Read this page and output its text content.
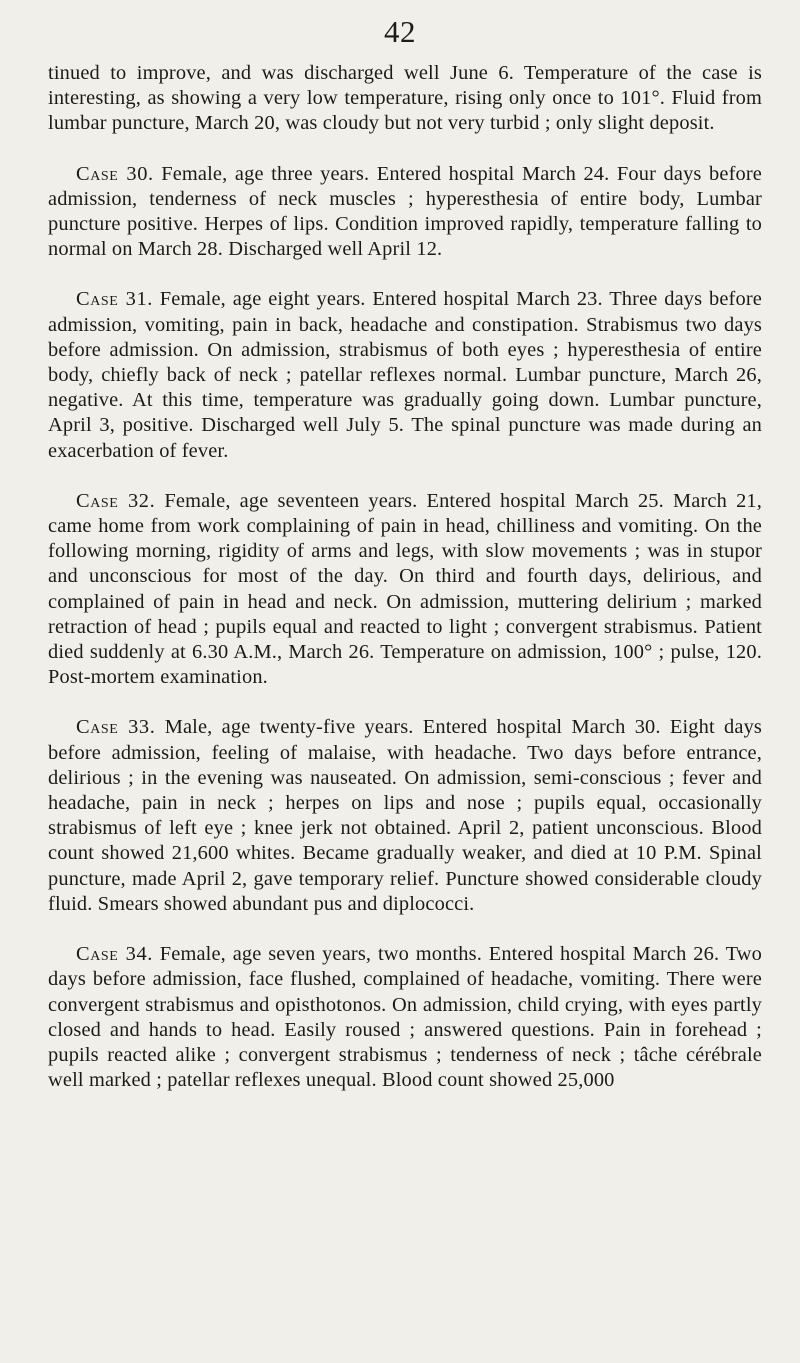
42

tinued to improve, and was discharged well June 6. Temperature of the case is interesting, as showing a very low temperature, rising only once to 101°. Fluid from lumbar puncture, March 20, was cloudy but not very turbid ; only slight deposit.

Case 30. Female, age three years. Entered hospital March 24. Four days before admission, tenderness of neck muscles ; hyperesthesia of entire body, Lumbar puncture positive. Herpes of lips. Condition improved rapidly, temperature falling to normal on March 28. Discharged well April 12.

Case 31. Female, age eight years. Entered hospital March 23. Three days before admission, vomiting, pain in back, headache and constipation. Strabismus two days before admission. On admission, strabismus of both eyes ; hyperesthesia of entire body, chiefly back of neck ; patellar reflexes normal. Lumbar puncture, March 26, negative. At this time, temperature was gradually going down. Lumbar puncture, April 3, positive. Discharged well July 5. The spinal puncture was made during an exacerbation of fever.

Case 32. Female, age seventeen years. Entered hospital March 25. March 21, came home from work complaining of pain in head, chilliness and vomiting. On the following morning, rigidity of arms and legs, with slow movements ; was in stupor and unconscious for most of the day. On third and fourth days, delirious, and complained of pain in head and neck. On admission, muttering delirium ; marked retraction of head ; pupils equal and reacted to light ; convergent strabismus. Patient died suddenly at 6.30 A.M., March 26. Temperature on admission, 100° ; pulse, 120. Post-mortem examination.

Case 33. Male, age twenty-five years. Entered hospital March 30. Eight days before admission, feeling of malaise, with headache. Two days before entrance, delirious ; in the evening was nauseated. On admission, semi-conscious ; fever and headache, pain in neck ; herpes on lips and nose ; pupils equal, occasionally strabismus of left eye ; knee jerk not obtained. April 2, patient unconscious. Blood count showed 21,600 whites. Became gradually weaker, and died at 10 P.M. Spinal puncture, made April 2, gave temporary relief. Puncture showed considerable cloudy fluid. Smears showed abundant pus and diplococci.

Case 34. Female, age seven years, two months. Entered hospital March 26. Two days before admission, face flushed, complained of headache, vomiting. There were convergent strabismus and opisthotonos. On admission, child crying, with eyes partly closed and hands to head. Easily roused ; answered questions. Pain in forehead ; pupils reacted alike ; convergent strabismus ; tenderness of neck ; tâche cérébrale well marked ; patellar reflexes unequal. Blood count showed 25,000
